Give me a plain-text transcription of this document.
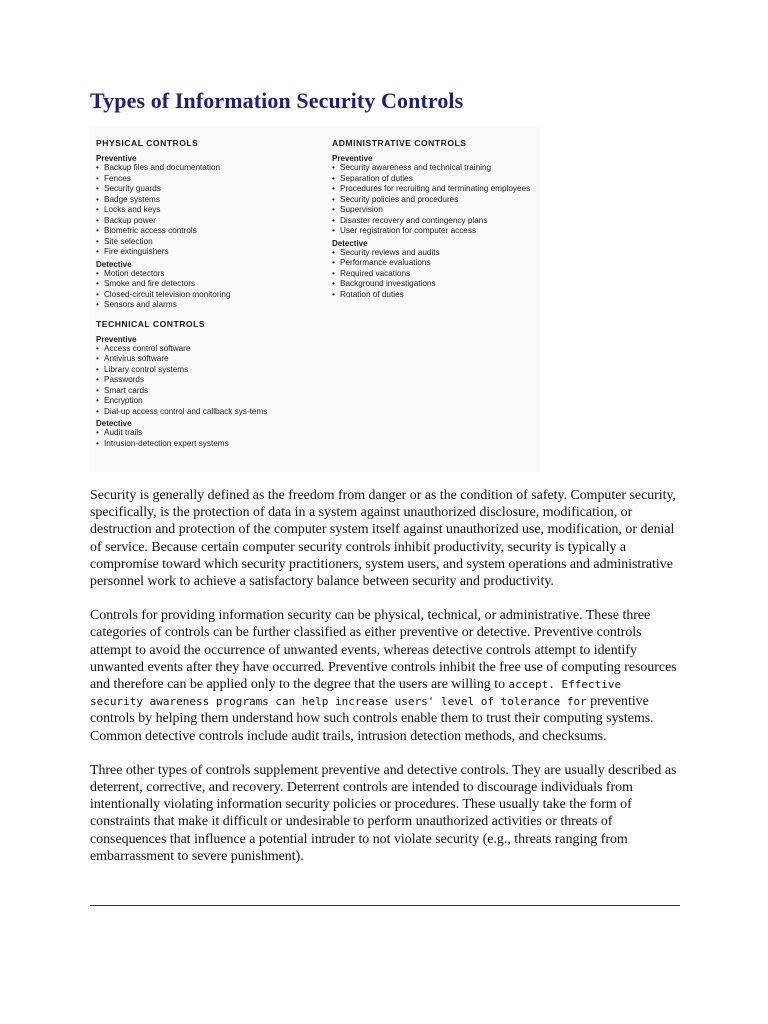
Types of Information Security Controls

PHYSICAL CONTROLS

Preventive

• Backup files and documentation
• Fences
• Security guards
• Badge systems
• Locks and keys
• Backup power
• Biometric access controls
• Site selection
• Fire extinguishers

Detective

• Motion detectors
• Smoke and fire detectors
• Closed-circuit television monitoring
• Sensors and alarms

TECHNICAL CONTROLS

Preventive

• Access control software
• Antivirus software
• Library control systems
• Passwords
• Smart cards
• Encryption
• Dial-up access control and callback sys-tems

Detective

• Audit trails
• Intrusion-detection expert systems

ADMINISTRATIVE CONTROLS

Preventive

• Security awareness and technical training
• Separation of duties
• Procedures for recruiting and terminating employees
• Security policies and procedures
• Supervision
• Disaster recovery and contingency plans
• User registration for computer access

Detective

• Security reviews and audits
• Performance evaluations
• Required vacations
• Background investigations
• Rotation of duties

Security is generally defined as the freedom from danger or as the condition of safety. Computer security, specifically, is the protection of data in a system against unauthorized disclosure, modification, or destruction and protection of the computer system itself against unauthorized use, modification, or denial of service. Because certain computer security controls inhibit productivity, security is typically a compromise toward which security practitioners, system users, and system operations and administrative personnel work to achieve a satisfactory balance between security and productivity.

Controls for providing information security can be physical, technical, or administrative. These three categories of controls can be further classified as either preventive or detective. Preventive controls attempt to avoid the occurrence of unwanted events, whereas detective controls attempt to identify unwanted events after they have occurred. Preventive controls inhibit the free use of computing resources and therefore can be applied only to the degree that the users are willing to accept. Effective security awareness programs can help increase users' level of tolerance for preventive controls by helping them understand how such controls enable them to trust their computing systems. Common detective controls include audit trails, intrusion detection methods, and checksums.

Three other types of controls supplement preventive and detective controls. They are usually described as deterrent, corrective, and recovery. Deterrent controls are intended to discourage individuals from intentionally violating information security policies or procedures. These usually take the form of constraints that make it difficult or undesirable to perform unauthorized activities or threats of consequences that influence a potential intruder to not violate security (e.g., threats ranging from embarrassment to severe punishment).
